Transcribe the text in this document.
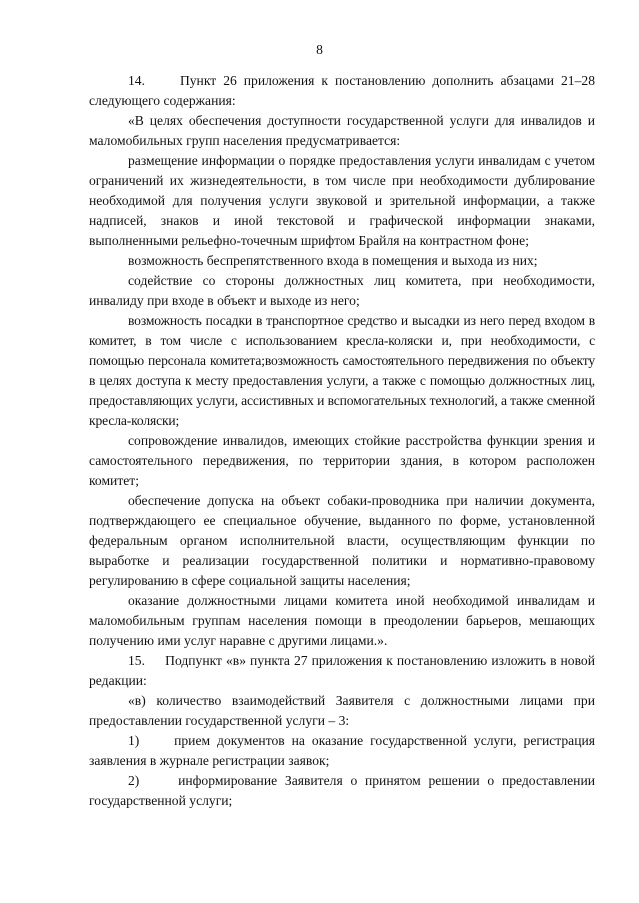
8

14.     Пункт 26 приложения к постановлению дополнить абзацами 21–28 следующего содержания:

«В целях обеспечения доступности государственной услуги для инвалидов и маломобильных групп населения предусматривается:

размещение информации о порядке предоставления услуги инвалидам с учетом ограничений их жизнедеятельности, в том числе при необходимости дублирование необходимой для получения услуги звуковой и зрительной информации, а также надписей, знаков и иной текстовой и графической информации знаками, выполненными рельефно-точечным шрифтом Брайля на контрастном фоне;

возможность беспрепятственного входа в помещения и выхода из них;

содействие со стороны должностных лиц комитета, при необходимости, инвалиду при входе в объект и выходе из него;

возможность посадки в транспортное средство и высадки из него перед входом в комитет, в том числе с использованием кресла-коляски и, при необходимости, с помощью персонала комитета;возможность самостоятельного передвижения по объекту в целях доступа к месту предоставления услуги, а также с помощью должностных лиц, предоставляющих услуги, ассистивных и вспомогательных технологий, а также сменной кресла-коляски;

сопровождение инвалидов, имеющих стойкие расстройства функции зрения и самостоятельного передвижения, по территории здания, в котором расположен комитет;

обеспечение допуска на объект собаки-проводника при наличии документа, подтверждающего ее специальное обучение, выданного по форме, установленной федеральным органом исполнительной власти, осуществляющим функции по выработке и реализации государственной политики и нормативно-правовому регулированию в сфере социальной защиты населения;

оказание должностными лицами комитета иной необходимой инвалидам и маломобильным группам населения помощи в преодолении барьеров, мешающих получению ими услуг наравне с другими лицами.».

15.     Подпункт «в» пункта 27 приложения к постановлению изложить в новой редакции:

«в) количество взаимодействий Заявителя с должностными лицами при предоставлении государственной услуги – 3:

1)     прием документов на оказание государственной услуги, регистрация заявления в журнале регистрации заявок;

2)     информирование Заявителя о принятом решении о предоставлении государственной услуги;
